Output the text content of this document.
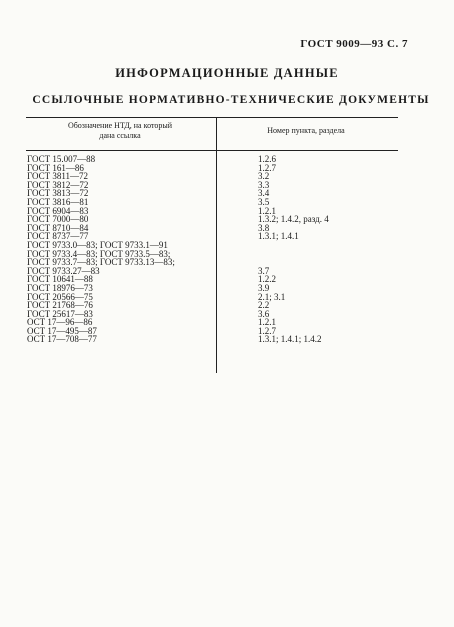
ГОСТ 9009—93 С. 7
ИНФОРМАЦИОННЫЕ ДАННЫЕ
ССЫЛОЧНЫЕ НОРМАТИВНО-ТЕХНИЧЕСКИЕ ДОКУМЕНТЫ
Обозначение НТД, на который
дана ссылка
Номер пункта, раздела
ГОСТ 15.007—88
ГОСТ 161—86
ГОСТ 3811—72
ГОСТ 3812—72
ГОСТ 3813—72
ГОСТ 3816—81
ГОСТ 6904—83
ГОСТ 7000—80
ГОСТ 8710—84
ГОСТ 8737—77
ГОСТ 9733.0—83; ГОСТ 9733.1—91
ГОСТ 9733.4—83; ГОСТ 9733.5—83;
ГОСТ 9733.7—83; ГОСТ 9733.13—83;
ГОСТ 9733.27—83
ГОСТ 10641—88
ГОСТ 18976—73
ГОСТ 20566—75
ГОСТ 21768—76
ГОСТ 25617—83
ОСТ 17—96—86
ОСТ 17—495—87
ОСТ 17—708—77
1.2.6
1.2.7
3.2
3.3
3.4
3.5
1.2.1
1.3.2; 1.4.2, разд. 4
3.8
1.3.1; 1.4.1
3.7
1.2.2
3.9
2.1; 3.1
2.2
3.6
1.2.1
1.2.7
1.3.1; 1.4.1; 1.4.2
